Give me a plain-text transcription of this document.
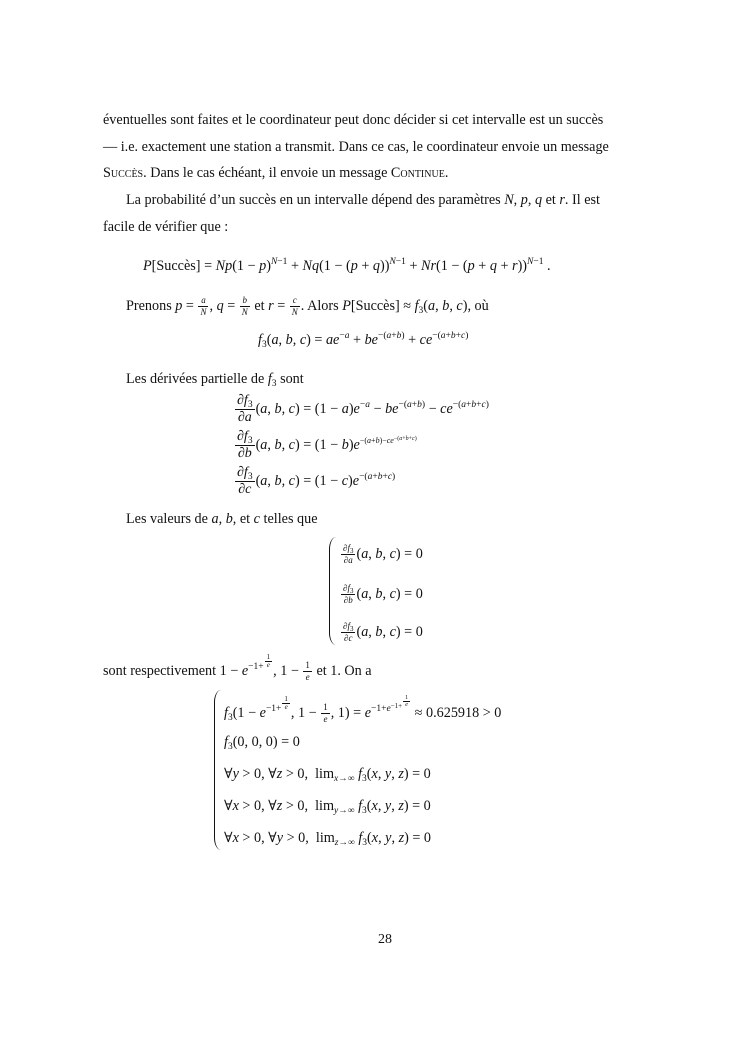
éventuelles sont faites et le coordinateur peut donc décider si cet intervalle est un succès
— i.e. exactement une station a transmit. Dans ce cas, le coordinateur envoie un message
Succès. Dans le cas échéant, il envoie un message Continue.
La probabilité d’un succès en un intervalle dépend des paramètres N, p, q et r. Il est
facile de vérifier que :
P[Succès] = $Np(1 - p)^{N-1} + Nq(1 - (p + q))^{N-1} + Nr(1 - (p + q + r))^{N-1}$ .
Prenons $p = \frac{a}{N}$ , $q = \frac{b}{N}$ et $r = \frac{c}{N}$ . Alors P[Succès] ≈ $f_3(a$, b, c), où
$f_3(a$, b, $c) = ae^{-a} + be^{-(a+b)} + ce^{-(a+b+c)}$
Les dérivées partielle de $f_3$ sont
$\frac{\partial f_3}{\partial a} (a$, b, $c) = (1 - a)e^{-a} - be^{-(a+b)} - ce^{-(a+b+c)}$
$\frac{\partial f_3}{\partial b} (a$, b, $c) = (1 - b)e^{-(a+b)-ce^{-(a+b+c)}}$
$\frac{\partial f_3}{\partial c} (a$, b, $c) = (1 - c)e^{-(a+b+c)}$
Les valeurs de a, b, et c telles que
$\frac{\partial f_3}{\partial a} (a$, b, c) = 0
$\frac{\partial f_3}{\partial b} (a$, b, c) = 0
$\frac{\partial f_3}{\partial c} (a$, b, c) = 0
sont respectivement $1 - e^{-1+ \frac{1}{e}}$
, $1 - \frac{1}{e}$ et 1. On a
$f_3(1 - e^{-1+ \frac{1}{e}}$
, $1 - \frac{1}{e}$ , $1) = e^{-1+e^{-1+ \frac{1}{e}}}$
≈ 0.625918 > 0
$f_3(0$, 0, 0) = 0
∀y > 0, ∀z > 0,  $\lim_{x\to\infty} f_3(x$, y, z) = 0
∀x > 0, ∀z > 0,  $\lim_{y\to\infty} f_3(x$, y, z) = 0
∀x > 0, ∀y > 0,  $\lim_{z\to\infty} f_3(x$, y, z) = 0
28
